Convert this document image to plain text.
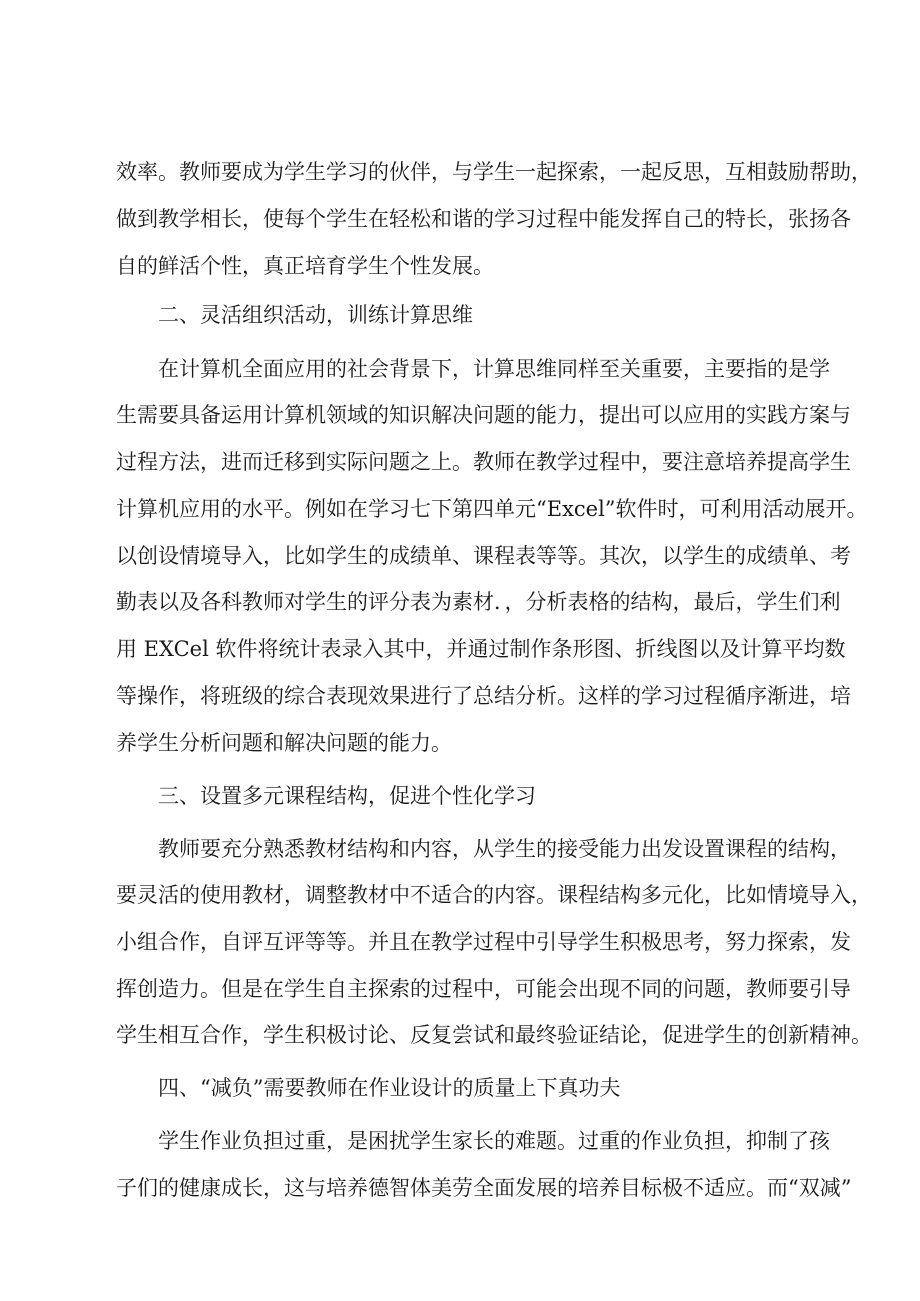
效率。教师要成为学生学习的伙伴，与学生一起探索，一起反思，互相鼓励帮助，
做到教学相长，使每个学生在轻松和谐的学习过程中能发挥自己的特长，张扬各
自的鲜活个性，真正培育学生个性发展。
二、灵活组织活动，训练计算思维
在计算机全面应用的社会背景下，计算思维同样至关重要，主要指的是学
生需要具备运用计算机领域的知识解决问题的能力，提出可以应用的实践方案与
过程方法，进而迁移到实际问题之上。教师在教学过程中，要注意培养提高学生
计算机应用的水平。例如在学习七下第四单元“Excel”软件时，可利用活动展开。
以创设情境导入，比如学生的成绩单、课程表等等。其次，以学生的成绩单、考
勤表以及各科教师对学生的评分表为素材．，分析表格的结构，最后，学生们利
用 EXCel 软件将统计表录入其中，并通过制作条形图、折线图以及计算平均数
等操作，将班级的综合表现效果进行了总结分析。这样的学习过程循序渐进，培
养学生分析问题和解决问题的能力。
三、设置多元课程结构，促进个性化学习
教师要充分熟悉教材结构和内容，从学生的接受能力出发设置课程的结构，
要灵活的使用教材，调整教材中不适合的内容。课程结构多元化，比如情境导入，
小组合作，自评互评等等。并且在教学过程中引导学生积极思考，努力探索，发
挥创造力。但是在学生自主探索的过程中，可能会出现不同的问题，教师要引导
学生相互合作，学生积极讨论、反复尝试和最终验证结论，促进学生的创新精神。
四、“减负”需要教师在作业设计的质量上下真功夫
学生作业负担过重，是困扰学生家长的难题。过重的作业负担，抑制了孩
子们的健康成长，这与培养德智体美劳全面发展的培养目标极不适应。而“双减”
